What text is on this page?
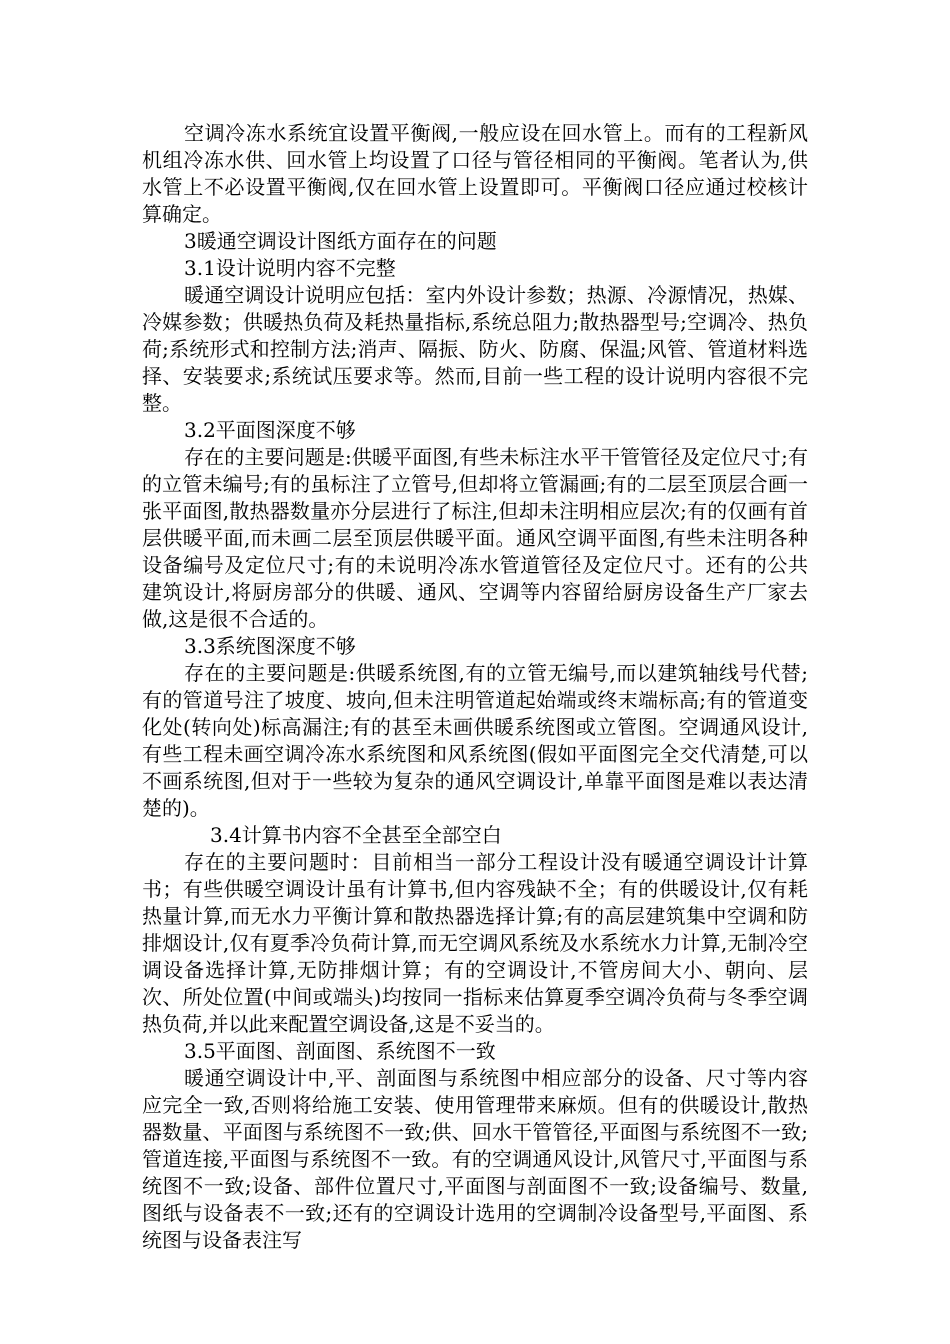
空调冷冻水系统宜设置平衡阀,一般应设在回水管上。而有的工程新风机组冷冻水供、回水管上均设置了口径与管径相同的平衡阀。笔者认为,供水管上不必设置平衡阀,仅在回水管上设置即可。平衡阀口径应通过校核计算确定。

3暖通空调设计图纸方面存在的问题

3.1设计说明内容不完整

暖通空调设计说明应包括：室内外设计参数；热源、冷源情况，热媒、冷媒参数；供暖热负荷及耗热量指标,系统总阻力;散热器型号;空调冷、热负荷;系统形式和控制方法;消声、隔振、防火、防腐、保温;风管、管道材料选择、安装要求;系统试压要求等。然而,目前一些工程的设计说明内容很不完整。

3.2平面图深度不够

存在的主要问题是:供暖平面图,有些未标注水平干管管径及定位尺寸;有的立管未编号;有的虽标注了立管号,但却将立管漏画;有的二层至顶层合画一张平面图,散热器数量亦分层进行了标注,但却未注明相应层次;有的仅画有首层供暖平面,而未画二层至顶层供暖平面。通风空调平面图,有些未注明各种设备编号及定位尺寸;有的未说明冷冻水管道管径及定位尺寸。还有的公共建筑设计,将厨房部分的供暖、通风、空调等内容留给厨房设备生产厂家去做,这是很不合适的。

3.3系统图深度不够

存在的主要问题是:供暖系统图,有的立管无编号,而以建筑轴线号代替;有的管道号注了坡度、坡向,但未注明管道起始端或终末端标高;有的管道变化处(转向处)标高漏注;有的甚至未画供暖系统图或立管图。空调通风设计,有些工程未画空调冷冻水系统图和风系统图(假如平面图完全交代清楚,可以不画系统图,但对于一些较为复杂的通风空调设计,单靠平面图是难以表达清楚的)。

3.4计算书内容不全甚至全部空白

存在的主要问题时：目前相当一部分工程设计没有暖通空调设计计算书；有些供暖空调设计虽有计算书,但内容残缺不全；有的供暖设计,仅有耗热量计算,而无水力平衡计算和散热器选择计算;有的高层建筑集中空调和防排烟设计,仅有夏季冷负荷计算,而无空调风系统及水系统水力计算,无制冷空调设备选择计算,无防排烟计算；有的空调设计,不管房间大小、朝向、层次、所处位置(中间或端头)均按同一指标来估算夏季空调冷负荷与冬季空调热负荷,并以此来配置空调设备,这是不妥当的。

3.5平面图、剖面图、系统图不一致

暖通空调设计中,平、剖面图与系统图中相应部分的设备、尺寸等内容应完全一致,否则将给施工安装、使用管理带来麻烦。但有的供暖设计,散热器数量、平面图与系统图不一致;供、回水干管管径,平面图与系统图不一致;管道连接,平面图与系统图不一致。有的空调通风设计,风管尺寸,平面图与系统图不一致;设备、部件位置尺寸,平面图与剖面图不一致;设备编号、数量,图纸与设备表不一致;还有的空调设计选用的空调制冷设备型号,平面图、系统图与设备表注写
